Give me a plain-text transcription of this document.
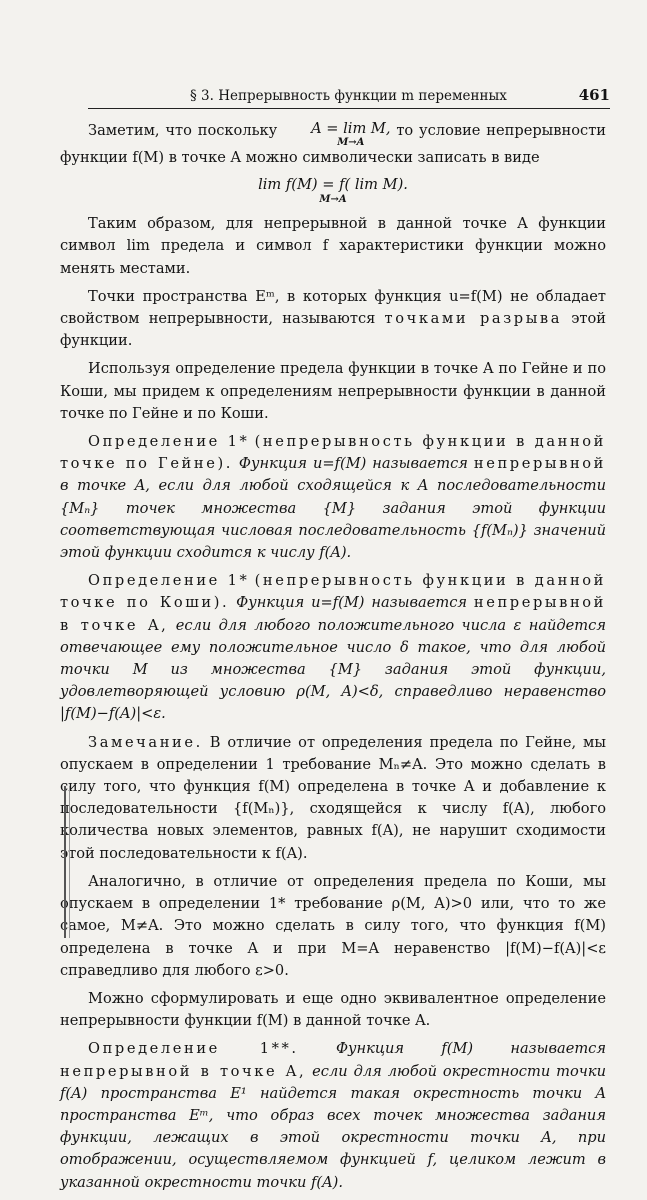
§ 3. Непрерывность функции m переменных	461

Заметим, что поскольку A = lim M,
M→A
то условие непрерывности функции f(M) в точке A можно символически записать в виде

lim f(M) = f( lim M).
M→A

Таким образом, для непрерывной в данной точке A функции символ lim предела и символ f характеристики функции можно менять местами.

Точки пространства Eᵐ, в которых функция u=f(M) не обладает свойством непрерывности, называются точками разрыва этой функции.

Используя определение предела функции в точке A по Гейне и по Коши, мы придем к определениям непрерывности функции в данной точке по Гейне и по Коши.

Определение 1* (непрерывность функции в данной точке по Гейне). Функция u=f(M) называется непрерывной в точке A, если для любой сходящейся к A последовательности {Mₙ} точек множества {M} задания этой функции соответствующая числовая последовательность {f(Mₙ)} значений этой функции сходится к числу f(A).

Определение 1* (непрерывность функции в данной точке по Коши). Функция u=f(M) называется непрерывной в точке A, если для любого положительного числа ε найдется отвечающее ему положительное число δ такое, что для любой точки M из множества {M} задания этой функции, удовлетворяющей условию ρ(M, A)<δ, справедливо неравенство |f(M)−f(A)|<ε.

Замечание. В отличие от определения предела по Гейне, мы опускаем в определении 1 требование Mₙ≠A. Это можно сделать в силу того, что функция f(M) определена в точке A и добавление к последовательности {f(Mₙ)}, сходящейся к числу f(A), любого количества новых элементов, равных f(A), не нарушит сходимости этой последовательности к f(A).

Аналогично, в отличие от определения предела по Коши, мы опускаем в определении 1* требование ρ(M, A)>0 или, что то же самое, M≠A. Это можно сделать в силу того, что функция f(M) определена в точке A и при M=A неравенство |f(M)−f(A)|<ε справедливо для любого ε>0.

Можно сформулировать и еще одно эквивалентное определение непрерывности функции f(M) в данной точке A.

Определение 1**.	Функция f(M) называется непрерывной в точке A, если для любой окрестности точки f(A) пространства E¹ найдется такая окрестность точки A пространства Eᵐ, что образ всех точек множества задания функции, лежащих в этой окрестности точки A, при отображении, осуществляемом функцией f, целиком лежит в указанной окрестности точки f(A).
